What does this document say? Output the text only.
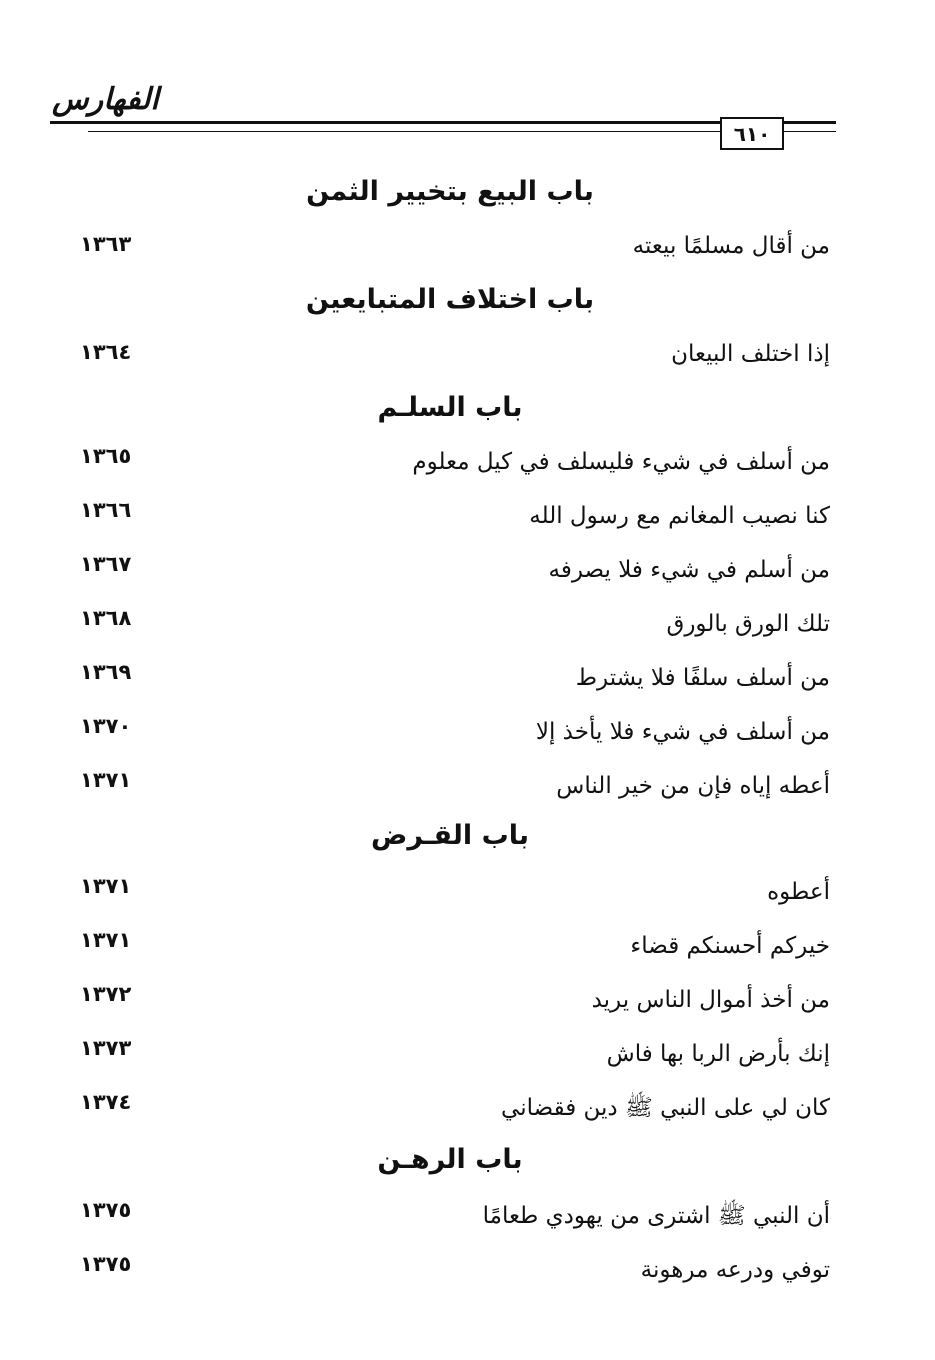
الفهارس
٦١٠
باب البيع بتخيير الثمن
من أقال مسلمًا بيعته
١٣٦٣
باب اختلاف المتبايعين
إذا اختلف البيعان
١٣٦٤
باب السلـم
من أسلف في شيء فليسلف في كيل معلوم
١٣٦٥
كنا نصيب المغانم مع رسول الله
١٣٦٦
من أسلم في شيء فلا يصرفه
١٣٦٧
تلك الورق بالورق
١٣٦٨
من أسلف سلفًا فلا يشترط
١٣٦٩
من أسلف في شيء فلا يأخذ إلا
١٣٧٠
أعطه إياه فإن من خير الناس
١٣٧١
باب القـرض
أعطوه
١٣٧١
خيركم أحسنكم قضاء
١٣٧١
من أخذ أموال الناس يريد
١٣٧٢
إنك بأرض الربا بها فاش
١٣٧٣
كان لي على النبي ﷺ دين فقضاني
١٣٧٤
باب الرهـن
أن النبي ﷺ اشترى من يهودي طعامًا
١٣٧٥
توفي ودرعه مرهونة
١٣٧٥
